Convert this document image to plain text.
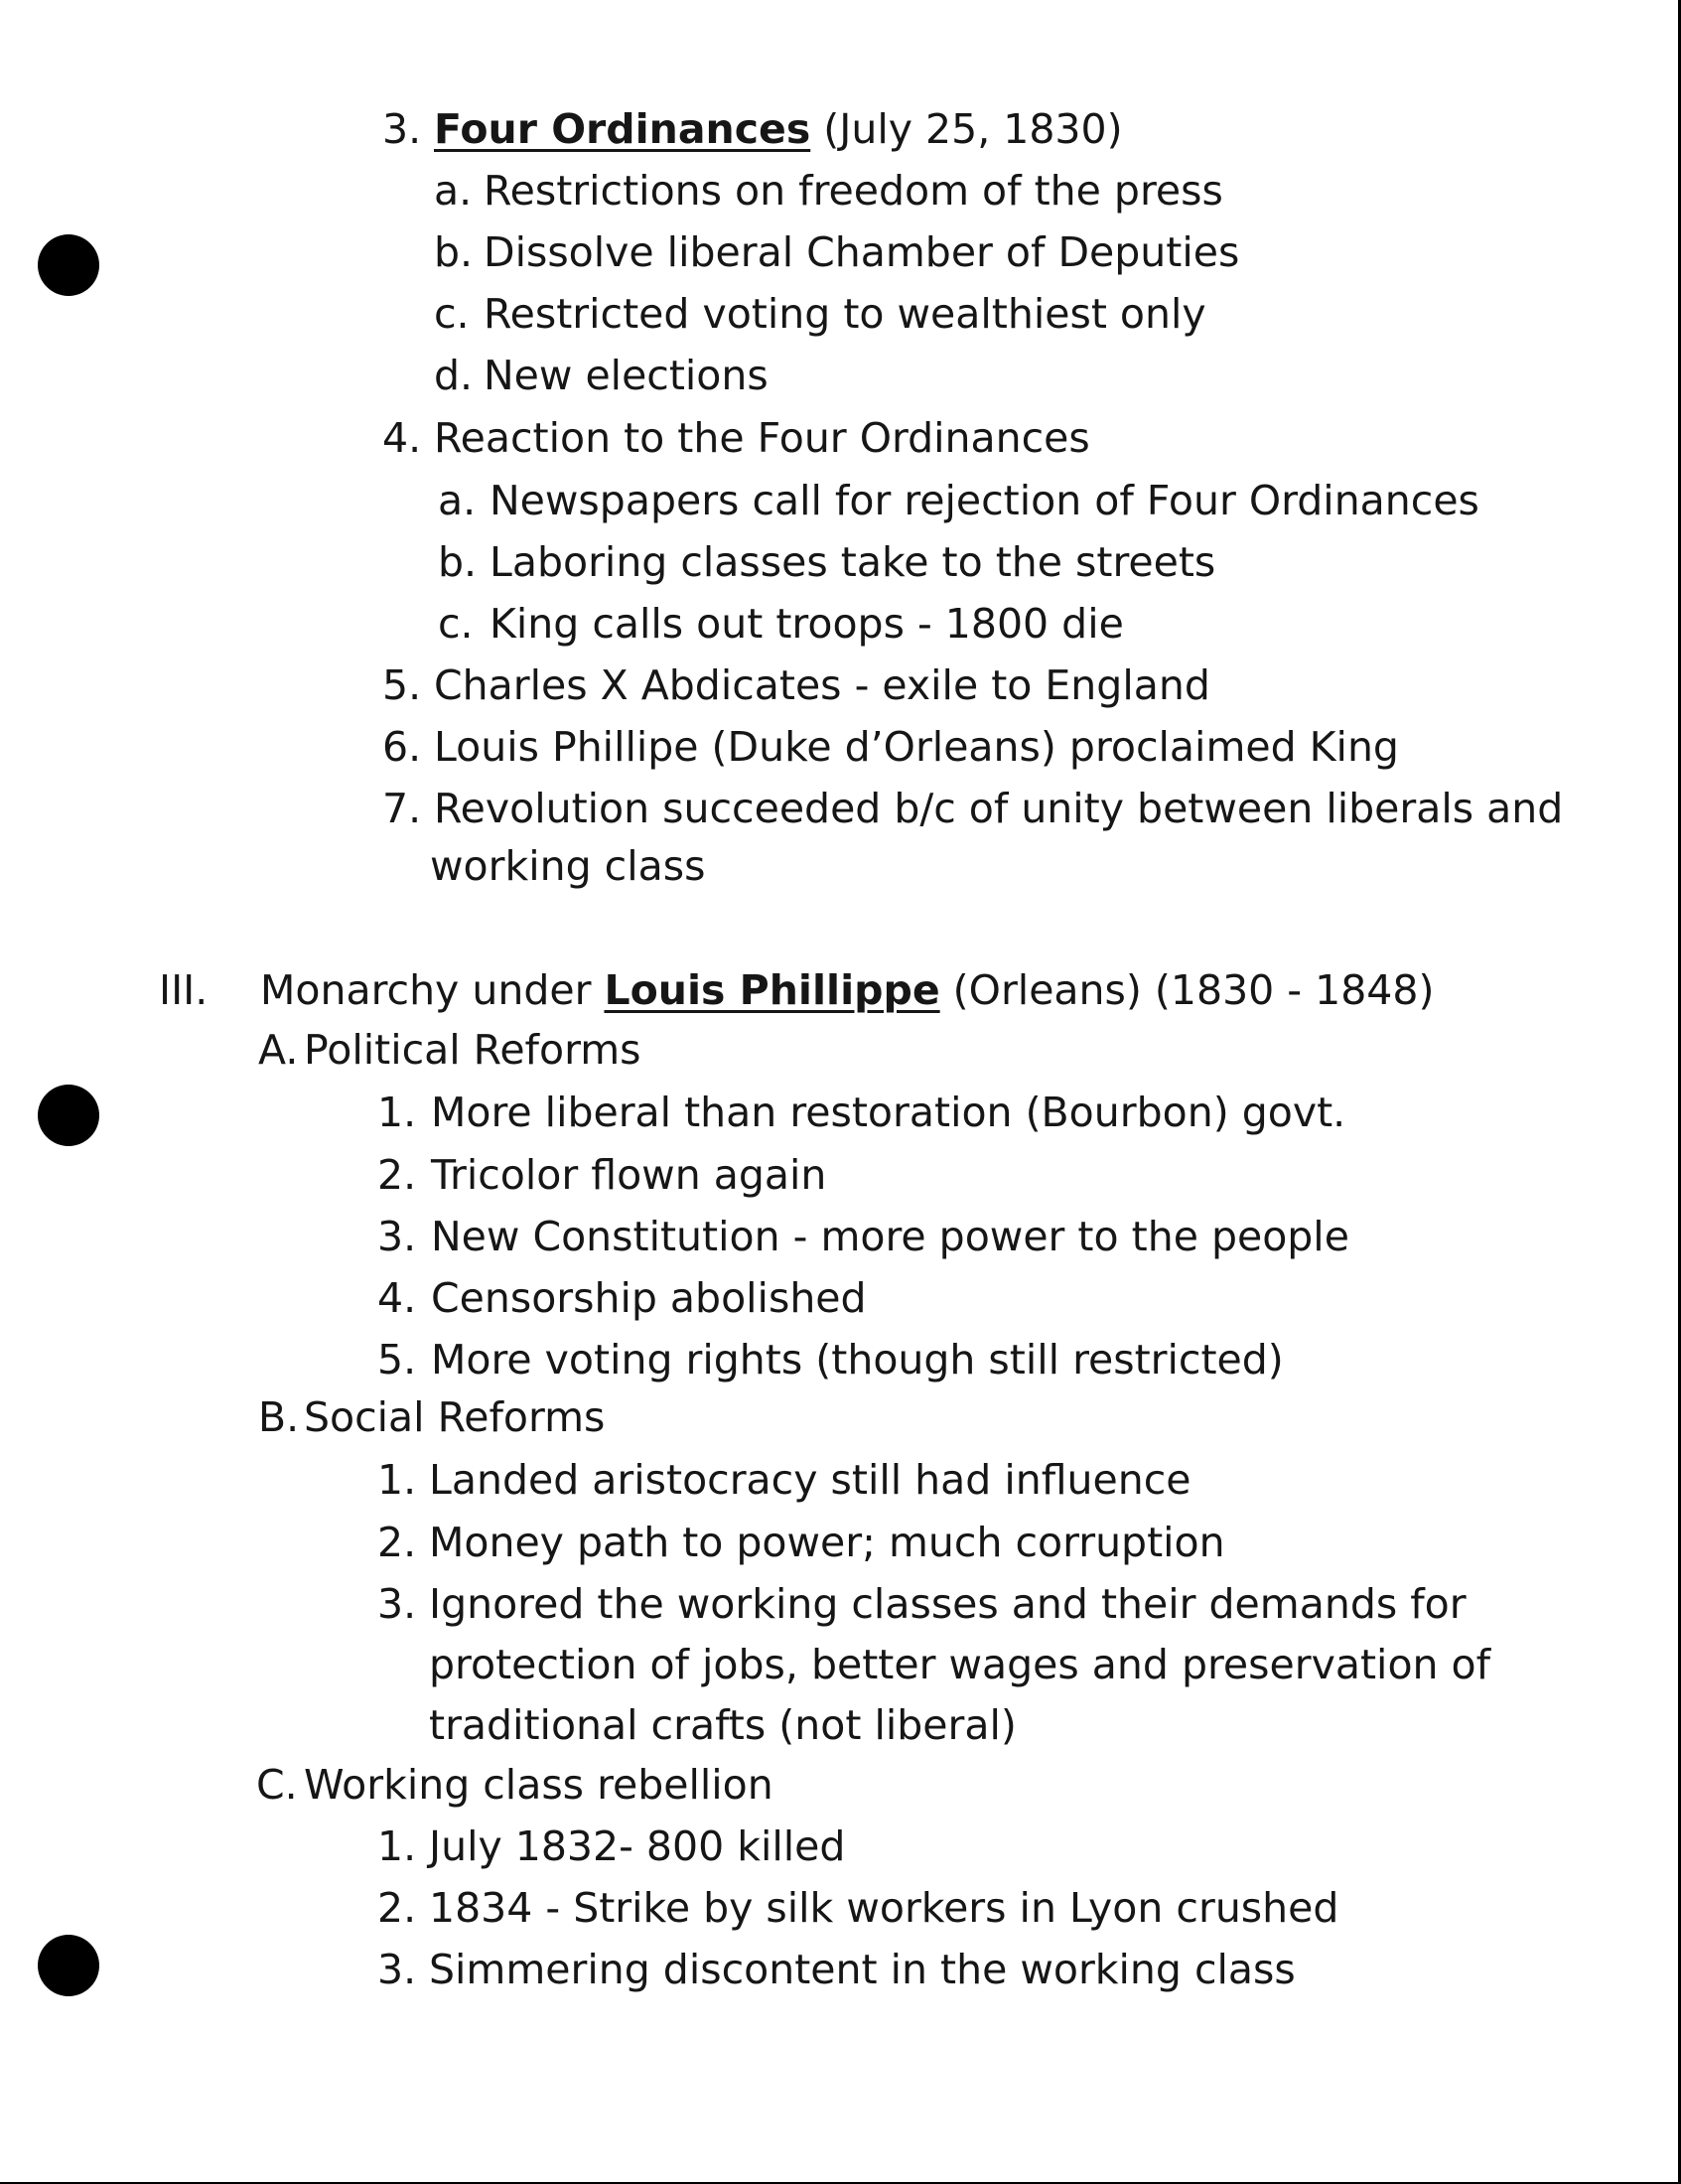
3. Four Ordinances (July 25, 1830)
a. Restrictions on freedom of the press
b. Dissolve liberal Chamber of Deputies
c. Restricted voting to wealthiest only
d. New elections
4. Reaction to the Four Ordinances
a. Newspapers call for rejection of Four Ordinances
b. Laboring classes take to the streets
c. King calls out troops - 1800 die
5. Charles X Abdicates - exile to England
6. Louis Phillipe (Duke d’Orleans) proclaimed King
7. Revolution succeeded b/c of unity between liberals and
working class
III. Monarchy under Louis Phillippe (Orleans) (1830 - 1848)
A. Political Reforms
1. More liberal than restoration (Bourbon) govt.
2. Tricolor flown again
3. New Constitution - more power to the people
4. Censorship abolished
5. More voting rights (though still restricted)
B. Social Reforms
1. Landed aristocracy still had influence
2. Money path to power; much corruption
3. Ignored the working classes and their demands for
protection of jobs, better wages and preservation of
traditional crafts (not liberal)
C. Working class rebellion
1. July 1832- 800 killed
2. 1834 - Strike by silk workers in Lyon crushed
3. Simmering discontent in the working class
